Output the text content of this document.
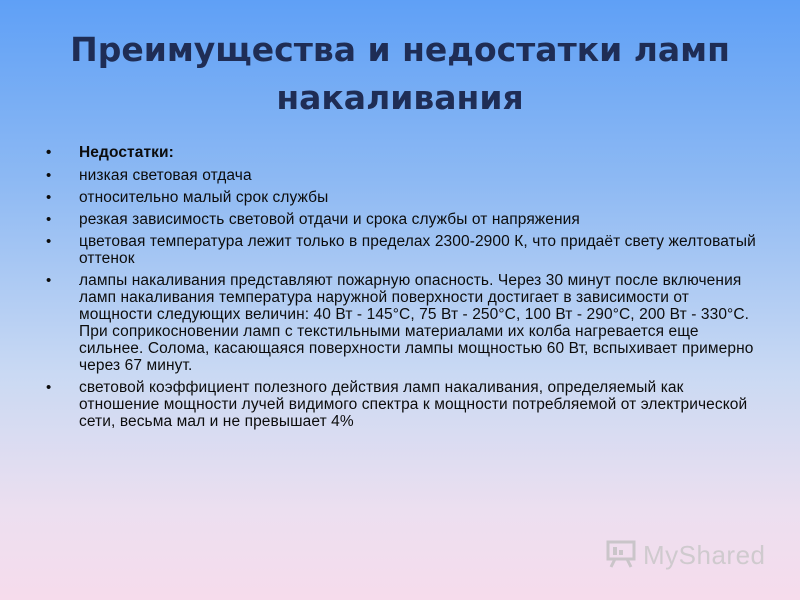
Преимущества и недостатки ламп накаливания
• Недостатки:
• низкая световая отдача
• относительно малый срок службы
• резкая зависимость световой отдачи и срока службы от напряжения
• цветовая температура лежит только в пределах 2300-2900 К, что придаёт свету желтоватый оттенок
• лампы накаливания представляют пожарную опасность. Через 30 минут после включения ламп накаливания температура наружной поверхности достигает в зависимости от мощности следующих величин: 40 Вт - 145°С, 75 Вт - 250°С, 100 Вт - 290°С, 200 Вт - 330°С. При соприкосновении ламп с текстильными материалами их колба нагревается еще сильнее. Солома, касающаяся поверхности лампы мощностью 60 Вт, вспыхивает примерно через 67 минут.
• световой коэффициент полезного действия ламп накаливания, определяемый как отношение мощности лучей видимого спектра к мощности потребляемой от электрической сети, весьма мал и не превышает 4%
MyShared
